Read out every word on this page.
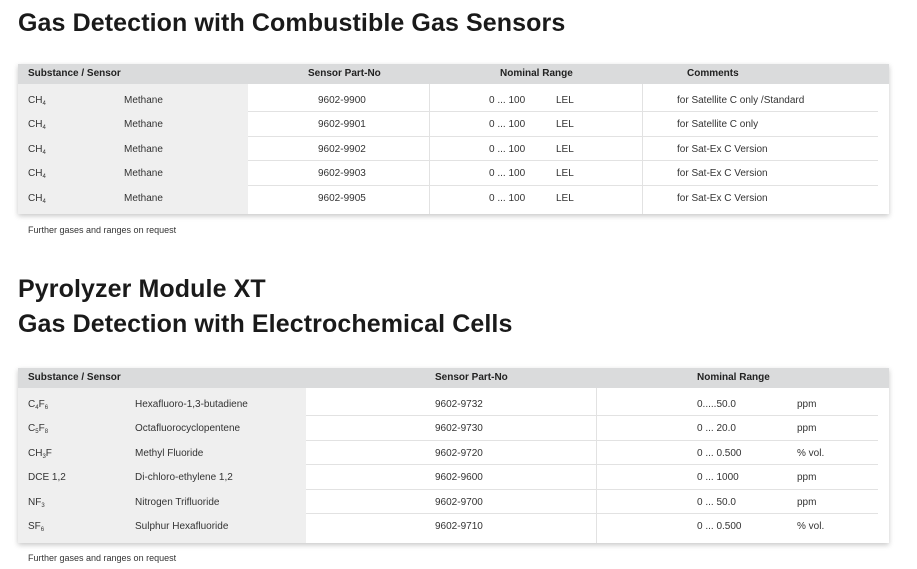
Gas Detection with Combustible Gas Sensors
Substance / Sensor	Sensor Part-No	Nominal Range	Comments
$CH_4$	Methane	9602-9900	0 ... 100	LEL	for Satellite C only /Standard
$CH_4$	Methane	9602-9901	0 ... 100	LEL	for Satellite C only
$CH_4$	Methane	9602-9902	0 ... 100	LEL	for Sat-Ex C Version
$CH_4$	Methane	9602-9903	0 ... 100	LEL	for Sat-Ex C Version
$CH_4$	Methane	9602-9905	0 ... 100	LEL	for Sat-Ex C Version
Further gases and ranges on request
Pyrolyzer Module XT
Gas Detection with Electrochemical Cells
Substance / Sensor	Sensor Part-No	Nominal Range
$C_4F_6$	Hexafluoro-1,3-butadiene	9602-9732	0.....50.0	ppm
$C_5F_8$	Octafluorocyclopentene	9602-9730	0 ... 20.0	ppm
$CH_3F$	Methyl Fluoride	9602-9720	0 ... 0.500	% vol.
DCE 1,2	Di-chloro-ethylene 1,2	9602-9600	0 ... 1000	ppm
$NF_3$	Nitrogen Trifluoride	9602-9700	0 ... 50.0	ppm
$SF_6$	Sulphur Hexafluoride	9602-9710	0 ... 0.500	% vol.
Further gases and ranges on request
